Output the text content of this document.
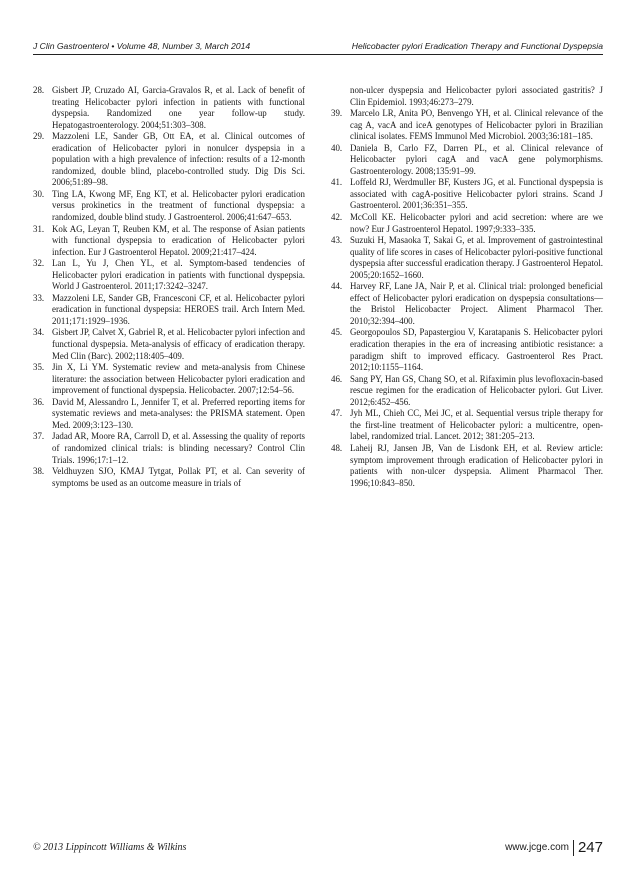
J Clin Gastroenterol • Volume 48, Number 3, March 2014	Helicobacter pylori Eradication Therapy and Functional Dyspepsia
28. Gisbert JP, Cruzado AI, Garcia-Gravalos R, et al. Lack of benefit of treating Helicobacter pylori infection in patients with functional dyspepsia. Randomized one year follow-up study. Hepatogastroenterology. 2004;51:303–308.
29. Mazzoleni LE, Sander GB, Ott EA, et al. Clinical outcomes of eradication of Helicobacter pylori in nonulcer dyspepsia in a population with a high prevalence of infection: results of a 12-month randomized, double blind, placebo-controlled study. Dig Dis Sci. 2006;51:89–98.
30. Ting LA, Kwong MF, Eng KT, et al. Helicobacter pylori eradication versus prokinetics in the treatment of functional dyspepsia: a randomized, double blind study. J Gastroenterol. 2006;41:647–653.
31. Kok AG, Leyan T, Reuben KM, et al. The response of Asian patients with functional dyspepsia to eradication of Helicobacter pylori infection. Eur J Gastroenterol Hepatol. 2009;21:417–424.
32. Lan L, Yu J, Chen YL, et al. Symptom-based tendencies of Helicobacter pylori eradication in patients with functional dyspepsia. World J Gastroenterol. 2011;17:3242–3247.
33. Mazzoleni LE, Sander GB, Francesconi CF, et al. Helicobacter pylori eradication in functional dyspepsia: HEROES trail. Arch Intern Med. 2011;171:1929–1936.
34. Gisbert JP, Calvet X, Gabriel R, et al. Helicobacter pylori infection and functional dyspepsia. Meta-analysis of efficacy of eradication therapy. Med Clin (Barc). 2002;118:405–409.
35. Jin X, Li YM. Systematic review and meta-analysis from Chinese literature: the association between Helicobacter pylori eradication and improvement of functional dyspepsia. Helicobacter. 2007;12:54–56.
36. David M, Alessandro L, Jennifer T, et al. Preferred reporting items for systematic reviews and meta-analyses: the PRISMA statement. Open Med. 2009;3:123–130.
37. Jadad AR, Moore RA, Carroll D, et al. Assessing the quality of reports of randomized clinical trials: is blinding necessary? Control Clin Trials. 1996;17:1–12.
38. Veldhuyzen SJO, KMAJ Tytgat, Pollak PT, et al. Can severity of symptoms be used as an outcome measure in trials of
non-ulcer dyspepsia and Helicobacter pylori associated gastritis? J Clin Epidemiol. 1993;46:273–279.
39. Marcelo LR, Anita PO, Benvengo YH, et al. Clinical relevance of the cag A, vacA and iceA genotypes of Helicobacter pylori in Brazilian clinical isolates. FEMS Immunol Med Microbiol. 2003;36:181–185.
40. Daniela B, Carlo FZ, Darren PL, et al. Clinical relevance of Helicobacter pylori cagA and vacA gene polymorphisms. Gastroenterology. 2008;135:91–99.
41. Loffeld RJ, Werdmuller BF, Kusters JG, et al. Functional dyspepsia is associated with cagA-positive Helicobacter pylori strains. Scand J Gastroenterol. 2001;36:351–355.
42. McColl KE. Helicobacter pylori and acid secretion: where are we now? Eur J Gastroenterol Hepatol. 1997;9:333–335.
43. Suzuki H, Masaoka T, Sakai G, et al. Improvement of gastrointestinal quality of life scores in cases of Helicobacter pylori-positive functional dyspepsia after successful eradication therapy. J Gastroenterol Hepatol. 2005;20:1652–1660.
44. Harvey RF, Lane JA, Nair P, et al. Clinical trial: prolonged beneficial effect of Helicobacter pylori eradication on dyspepsia consultations—the Bristol Helicobacter Project. Aliment Pharmacol Ther. 2010;32:394–400.
45. Georgopoulos SD, Papastergiou V, Karatapanis S. Helicobacter pylori eradication therapies in the era of increasing antibiotic resistance: a paradigm shift to improved efficacy. Gastroenterol Res Pract. 2012;10:1155–1164.
46. Sang PY, Han GS, Chang SO, et al. Rifaximin plus levofloxacin-based rescue regimen for the eradication of Helicobacter pylori. Gut Liver. 2012;6:452–456.
47. Jyh ML, Chieh CC, Mei JC, et al. Sequential versus triple therapy for the first-line treatment of Helicobacter pylori: a multicentre, open-label, randomized trial. Lancet. 2012; 381:205–213.
48. Laheij RJ, Jansen JB, Van de Lisdonk EH, et al. Review article: symptom improvement through eradication of Helicobacter pylori in patients with non-ulcer dyspepsia. Aliment Pharmacol Ther. 1996;10:843–850.
© 2013 Lippincott Williams & Wilkins	www.jcge.com 247
